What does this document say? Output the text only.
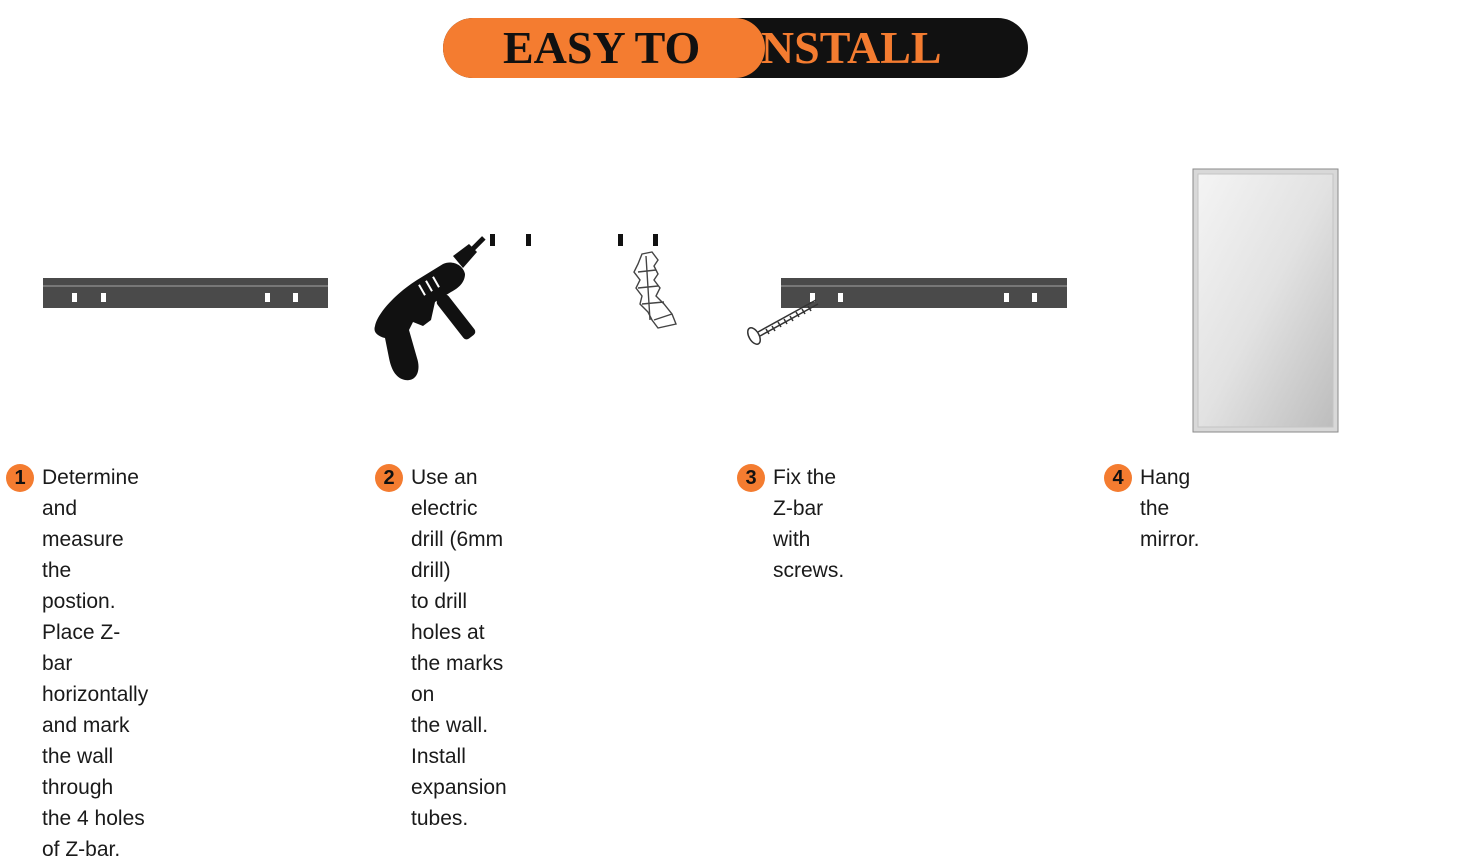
EASY TO INSTALL
1 Determine and measure the
postion. Place Z-bar
horizontally and mark the wall
through the 4 holes of Z-bar.
2 Use an electric drill (6mm drill)
to drill holes at the marks on
the wall. Install expansion
tubes.
3 Fix the Z-bar with screws.
4 Hang the mirror.
